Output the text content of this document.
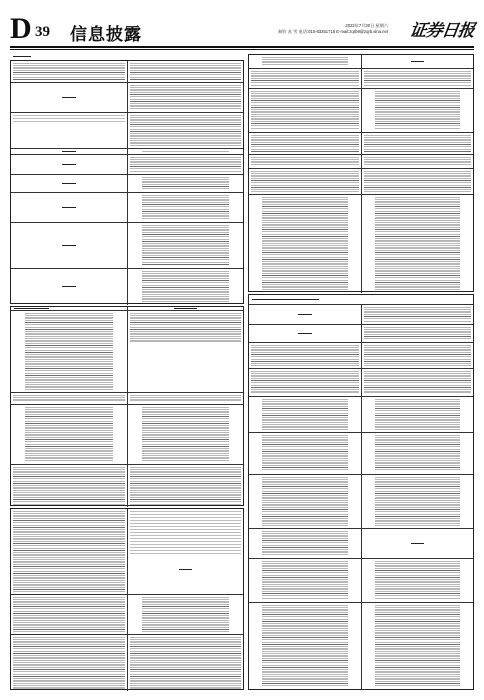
D 39 信息披露	2022年7月30日 星期六
制作 苏 雪 电话:010-83251716 E-mail:zqrb9@zqrb.sina.net 证券日报
